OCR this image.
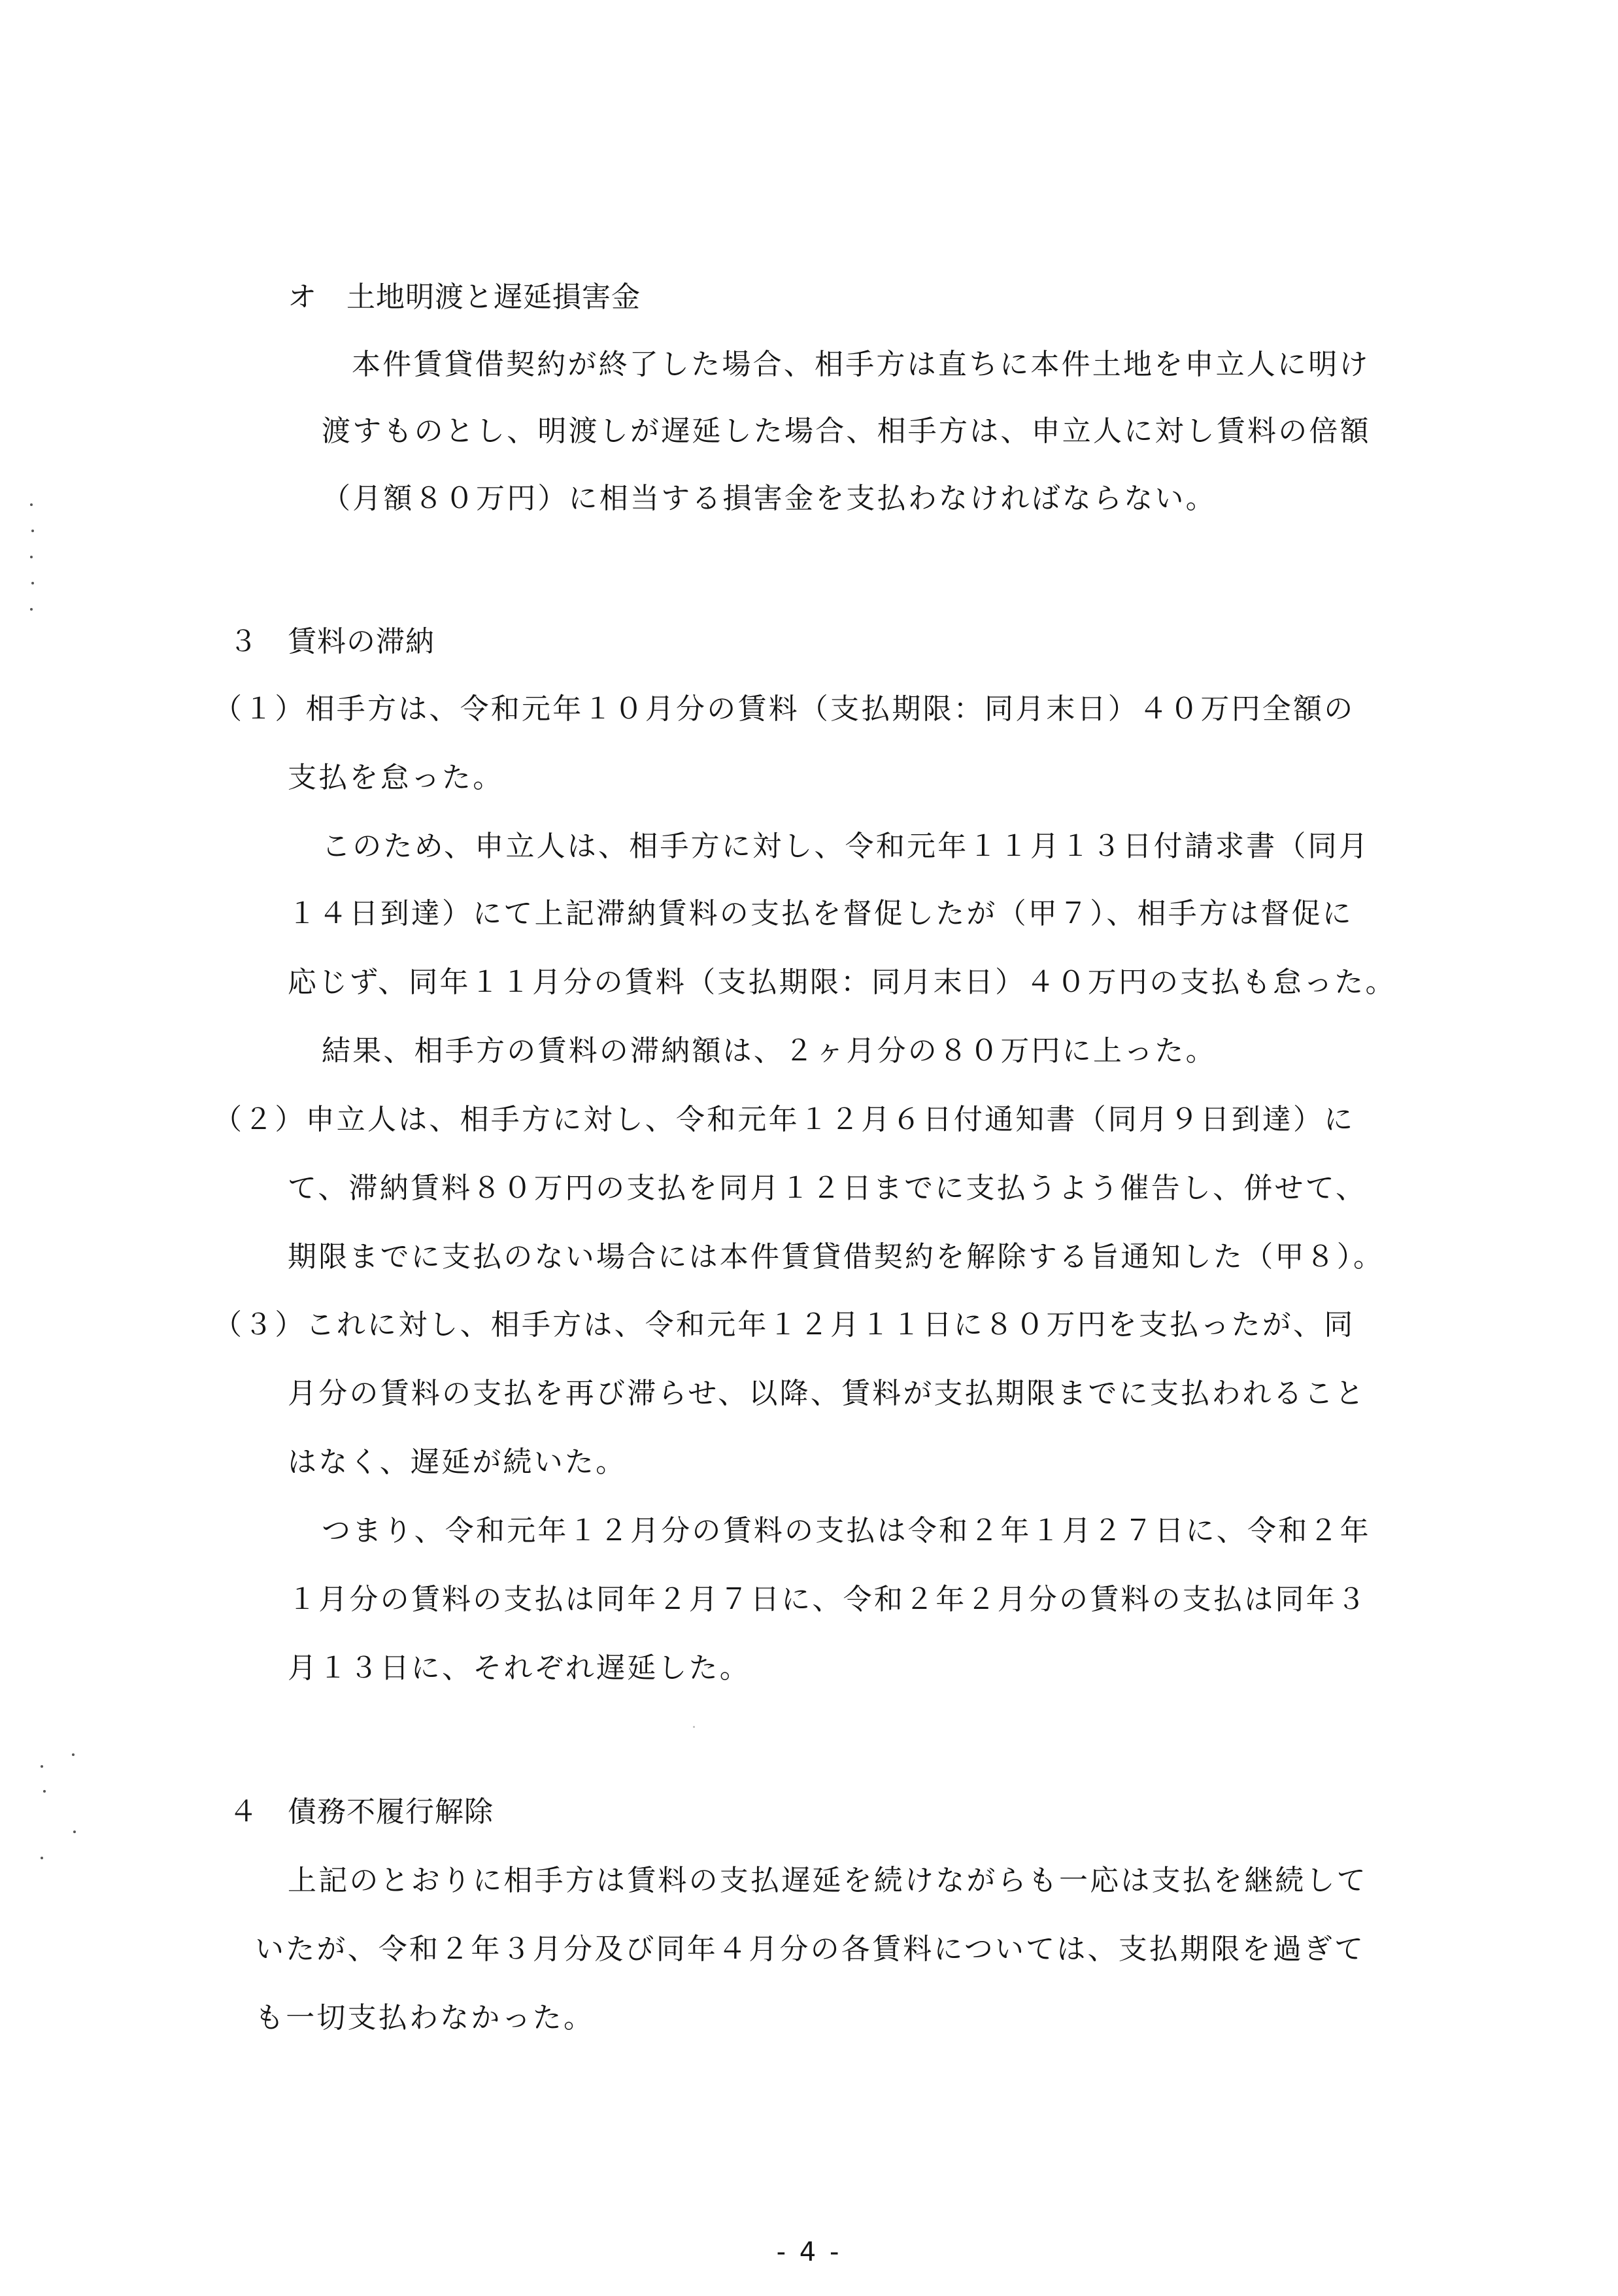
オ　土地明渡と遅延損害金
本件賃貸借契約が終了した場合、相手方は直ちに本件土地を申立人に明け
渡すものとし、明渡しが遅延した場合、相手方は、申立人に対し賃料の倍額
（月額８０万円）に相当する損害金を支払わなければならない。
３　賃料の滞納
（１）相手方は、令和元年１０月分の賃料（支払期限：同月末日）４０万円全額の
支払を怠った。
このため、申立人は、相手方に対し、令和元年１１月１３日付請求書（同月
１４日到達）にて上記滞納賃料の支払を督促したが（甲７）、相手方は督促に
応じず、同年１１月分の賃料（支払期限：同月末日）４０万円の支払も怠った。
結果、相手方の賃料の滞納額は、２ヶ月分の８０万円に上った。
（２）申立人は、相手方に対し、令和元年１２月６日付通知書（同月９日到達）に
て、滞納賃料８０万円の支払を同月１２日までに支払うよう催告し、併せて、
期限までに支払のない場合には本件賃貸借契約を解除する旨通知した（甲８）。
（３）これに対し、相手方は、令和元年１２月１１日に８０万円を支払ったが、同
月分の賃料の支払を再び滞らせ、以降、賃料が支払期限までに支払われること
はなく、遅延が続いた。
つまり、令和元年１２月分の賃料の支払は令和２年１月２７日に、令和２年
１月分の賃料の支払は同年２月７日に、令和２年２月分の賃料の支払は同年３
月１３日に、それぞれ遅延した。
４　債務不履行解除
上記のとおりに相手方は賃料の支払遅延を続けながらも一応は支払を継続して
いたが、令和２年３月分及び同年４月分の各賃料については、支払期限を過ぎて
も一切支払わなかった。
- 4 -
